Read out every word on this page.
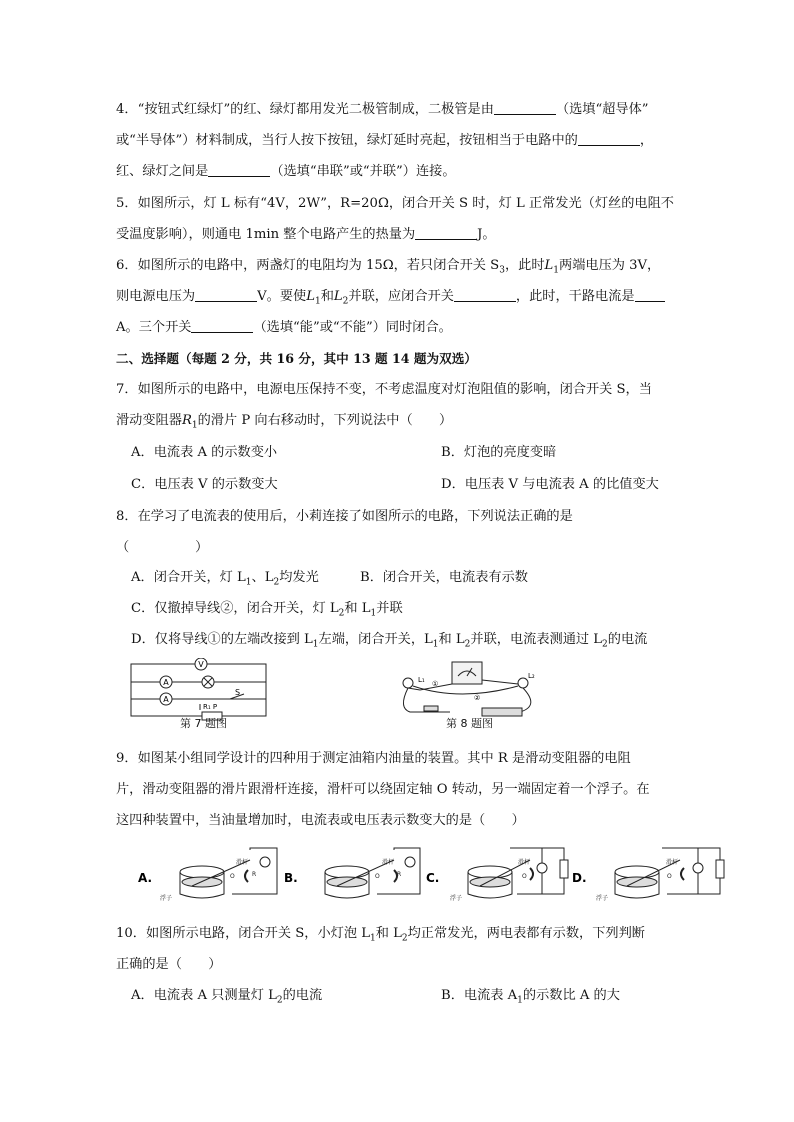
4．“按钮式红绿灯”的红、绿灯都用发光二极管制成，二极管是由	（选填“超导体”
或“半导体”）材料制成，当行人按下按钮，绿灯延时亮起，按钮相当于电路中的	，
红、绿灯之间是	（选填“串联”或“并联”）连接。
5．如图所示，灯 L 标有“4V，2W”，R=20Ω，闭合开关 S 时，灯 L 正常发光（灯丝的电阻不
受温度影响），则通电 1min 整个电路产生的热量为	J。
6．如图所示的电路中，两盏灯的电阻均为 15Ω，若只闭合开关 $S_3$，此时$L_1$两端电压为 3V，
则电源电压为	V。要使$L_1$和$L_2$并联，应闭合开关	，此时，干路电流是
A。三个开关	（选填“能”或“不能”）同时闭合。
二、选择题（每题 2 分，共 16 分，其中 13 题 14 题为双选）
7．如图所示的电路中，电源电压保持不变，不考虑温度对灯泡阻值的影响，闭合开关 S，当
滑动变阻器$R_1$的滑片 P 向右移动时，下列说法中（　　）
A．电流表 A 的示数变小	B．灯泡的亮度变暗
C．电压表 V 的示数变大	D．电压表 V 与电流表 A 的比值变大
8．在学习了电流表的使用后，小莉连接了如图所示的电路，下列说法正确的是
（　　　　　）
A．闭合开关，灯 $L_1$、$L_2$均发光	B．闭合开关，电流表有示数
C．仅撤掉导线②，闭合开关，灯 $L_2$和 $L_1$并联
D．仅将导线①的左端改接到 $L_1$左端，闭合开关，$L_1$和 $L_2$并联，电流表测通过 $L_2$的电流
V
A
A
S
R₁ P
第 7 题图
L₁	L₂
①
②
第 8 题图
9．如图某小组同学设计的四种用于测定油箱内油量的装置。其中 R 是滑动变阻器的电阻
片，滑动变阻器的滑片跟滑杆连接，滑杆可以绕固定轴 O 转动，另一端固定着一个浮子。在
这四种装置中，当油量增加时，电流表或电压表示数变大的是（　　）
A.	B.	C.	D.
浮子
滑杆
O
滑杆
O
浮子
滑杆
O
浮子
滑杆
O
R	R
10．如图所示电路，闭合开关 S，小灯泡 $L_1$和 $L_2$均正常发光，两电表都有示数，下列判断
正确的是（　　）
A．电流表 A 只测量灯 $L_2$的电流	B．电流表 $A_1$的示数比 A 的大
